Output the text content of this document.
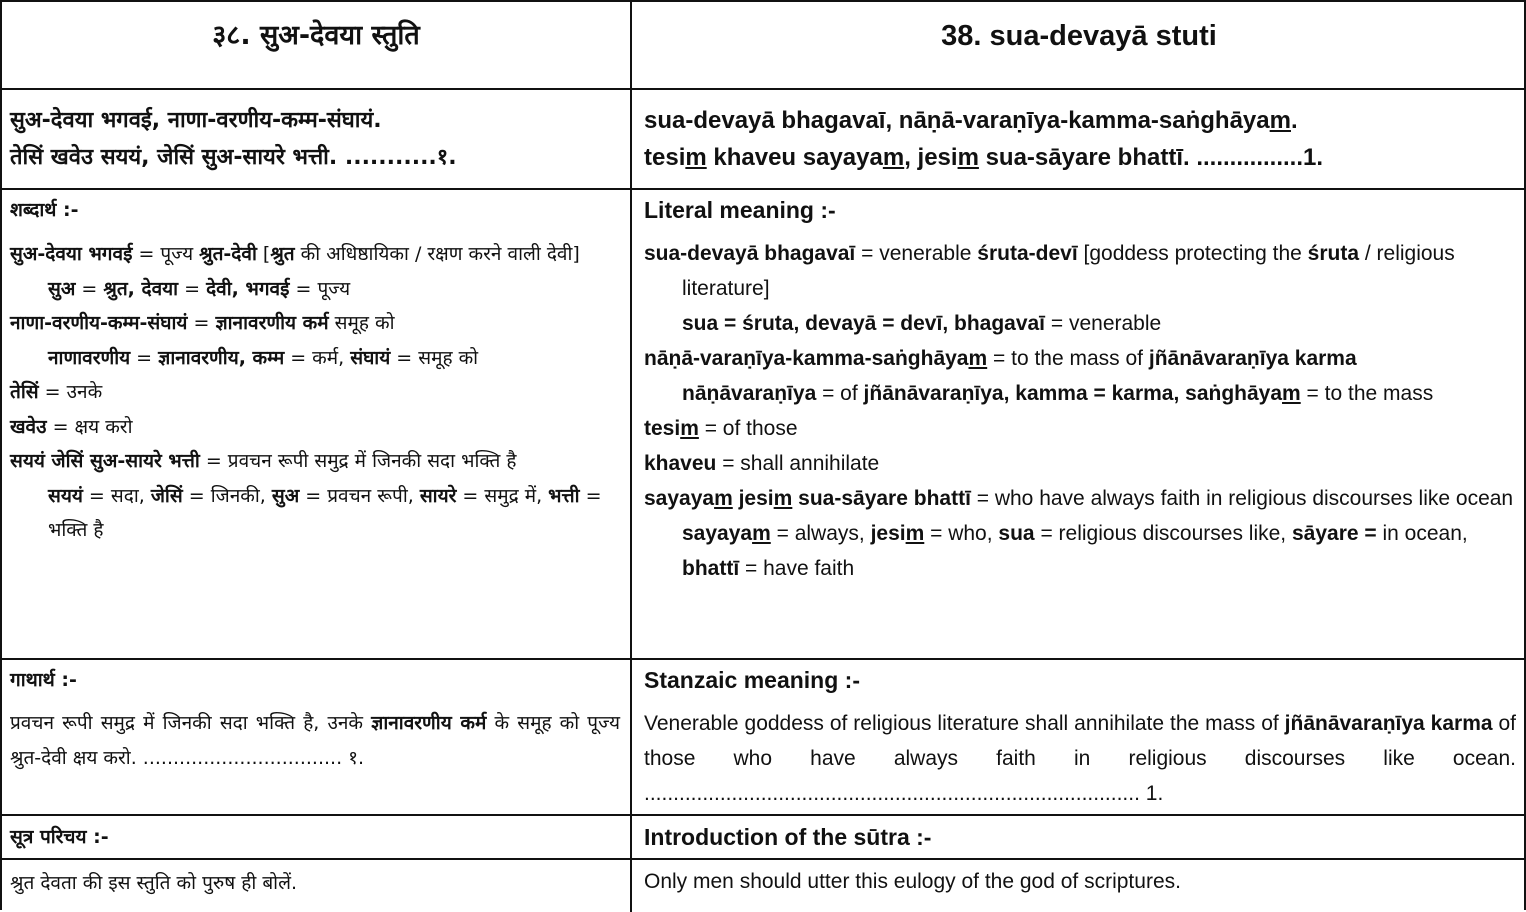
३८. सुअ-देवया स्तुति
सुअ-देवया भगवई, नाणा-वरणीय-कम्म-संघायं.
तेसिं खवेउ सययं, जेसिं सुअ-सायरे भत्ती. ...........१.
शब्दार्थ :-

सुअ-देवया भगवई = पूज्य श्रुत-देवी [श्रुत की अधिष्ठायिका / रक्षण करने वाली देवी]

सुअ = श्रुत, देवया = देवी, भगवई = पूज्य

नाणा-वरणीय-कम्म-संघायं = ज्ञानावरणीय कर्म समूह को

नाणावरणीय = ज्ञानावरणीय, कम्म = कर्म, संघायं = समूह को

तेसिं = उनके

खवेउ = क्षय करो

सययं जेसिं सुअ-सायरे भत्ती = प्रवचन रूपी समुद्र में जिनकी सदा भक्ति है

सययं = सदा, जेसिं = जिनकी, सुअ = प्रवचन रूपी, सायरे = समुद्र में, भत्ती = भक्ति है

गाथार्थ :-

प्रवचन रूपी समुद्र में जिनकी सदा भक्ति है, उनके ज्ञानावरणीय कर्म के समूह को पूज्य श्रुत-देवी क्षय करो. ................................. १.

सूत्र परिचय :-
श्रुत देवता की इस स्तुति को पुरुष ही बोलें.
38. sua-devayā stuti
sua-devayā bhagavaī, nāṇā-varaṇīya-kamma-saṅghāyam.
tesim khaveu sayayam, jesim sua-sāyare bhattī. ................1.
Literal meaning :-

sua-devayā bhagavaī = venerable śruta-devī [goddess protecting the śruta / religious literature]

sua = śruta, devayā = devī, bhagavaī = venerable

nāṇā-varaṇīya-kamma-saṅghāyam = to the mass of jñānāvaraṇīya karma

nāṇāvaraṇīya = of jñānāvaraṇīya, kamma = karma, saṅghāyam = to the mass

tesim = of those

khaveu = shall annihilate

sayayam jesim sua-sāyare bhattī = who have always faith in religious discourses like ocean

sayayam = always, jesim = who, sua = religious discourses like, sāyare = in ocean, bhattī = have faith

Stanzaic meaning :-

Venerable goddess of religious literature shall annihilate the mass of jñānāvaraṇīya karma of those who have always faith in religious discourses like ocean. ..................................................................................... 1.

Introduction of the sūtra :-
Only men should utter this eulogy of the god of scriptures.
